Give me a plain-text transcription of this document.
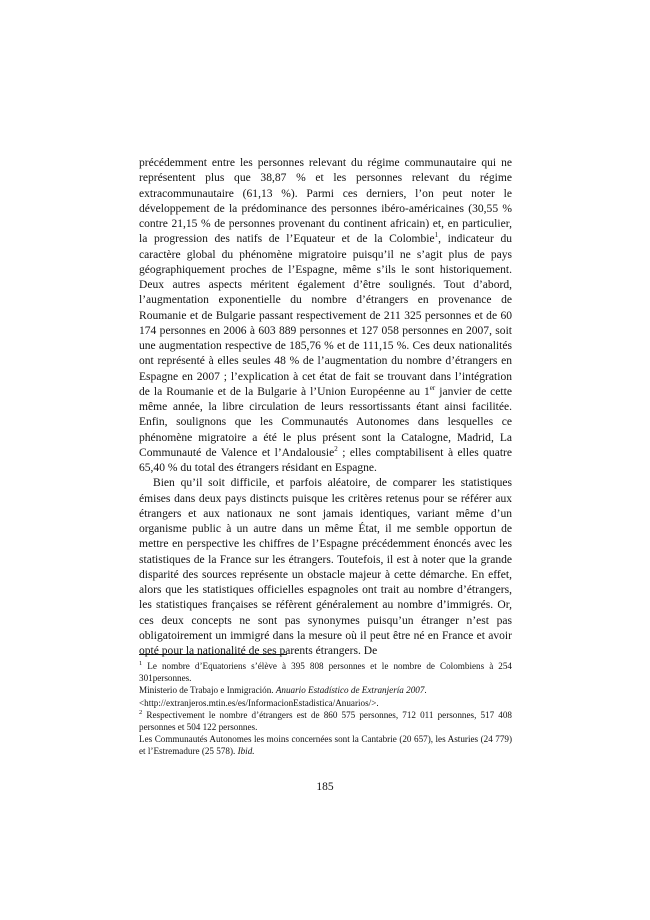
précédemment entre les personnes relevant du régime communautaire qui ne représentent plus que 38,87 % et les personnes relevant du régime extracommunautaire (61,13 %). Parmi ces derniers, l’on peut noter le développement de la prédominance des personnes ibéro-américaines (30,55 % contre 21,15 % de personnes provenant du continent africain) et, en particulier, la progression des natifs de l’Equateur et de la Colombie$^1$, indicateur du caractère global du phénomène migratoire puisqu’il ne s’agit plus de pays géographiquement proches de l’Espagne, même s’ils le sont historiquement. Deux autres aspects méritent également d’être soulignés. Tout d’abord, l’augmentation exponentielle du nombre d’étrangers en provenance de Roumanie et de Bulgarie passant respectivement de 211 325 personnes et de 60 174 personnes en 2006 à 603 889 personnes et 127 058 personnes en 2007, soit une augmentation respective de 185,76 % et de 111,15 %. Ces deux nationalités ont représenté à elles seules 48 % de l’augmentation du nombre d’étrangers en Espagne en 2007 ; l’explication à cet état de fait se trouvant dans l’intégration de la Roumanie et de la Bulgarie à l’Union Européenne au 1er janvier de cette même année, la libre circulation de leurs ressortissants étant ainsi facilitée. Enfin, soulignons que les Communautés Autonomes dans lesquelles ce phénomène migratoire a été le plus présent sont la Catalogne, Madrid, La Communauté de Valence et l’Andalousie$^2$ ; elles comptabilisent à elles quatre 65,40 % du total des étrangers résidant en Espagne.

Bien qu’il soit difficile, et parfois aléatoire, de comparer les statistiques émises dans deux pays distincts puisque les critères retenus pour se référer aux étrangers et aux nationaux ne sont jamais identiques, variant même d’un organisme public à un autre dans un même État, il me semble opportun de mettre en perspective les chiffres de l’Espagne précédemment énoncés avec les statistiques de la France sur les étrangers. Toutefois, il est à noter que la grande disparité des sources représente un obstacle majeur à cette démarche. En effet, alors que les statistiques officielles espagnoles ont trait au nombre d’étrangers, les statistiques françaises se réfèrent généralement au nombre d’immigrés. Or, ces deux concepts ne sont pas synonymes puisqu’un étranger n’est pas obligatoirement un immigré dans la mesure où il peut être né en France et avoir opté pour la nationalité de ses parents étrangers. De

$^1$ Le nombre d’Equatoriens s’élève à 395 808 personnes et le nombre de Colombiens à 254 301personnes.

Ministerio de Trabajo e Inmigración. Anuario Estadístico de Extranjería 2007.

<http://extranjeros.mtin.es/es/InformacionEstadistica/Anuarios/>.

$^2$ Respectivement le nombre d’étrangers est de 860 575 personnes, 712 011 personnes, 517 408 personnes et 504 122 personnes.

Les Communautés Autonomes les moins concernées sont la Cantabrie (20 657), les Asturies (24 779) et l’Estremadure (25 578). Ibid.

185
